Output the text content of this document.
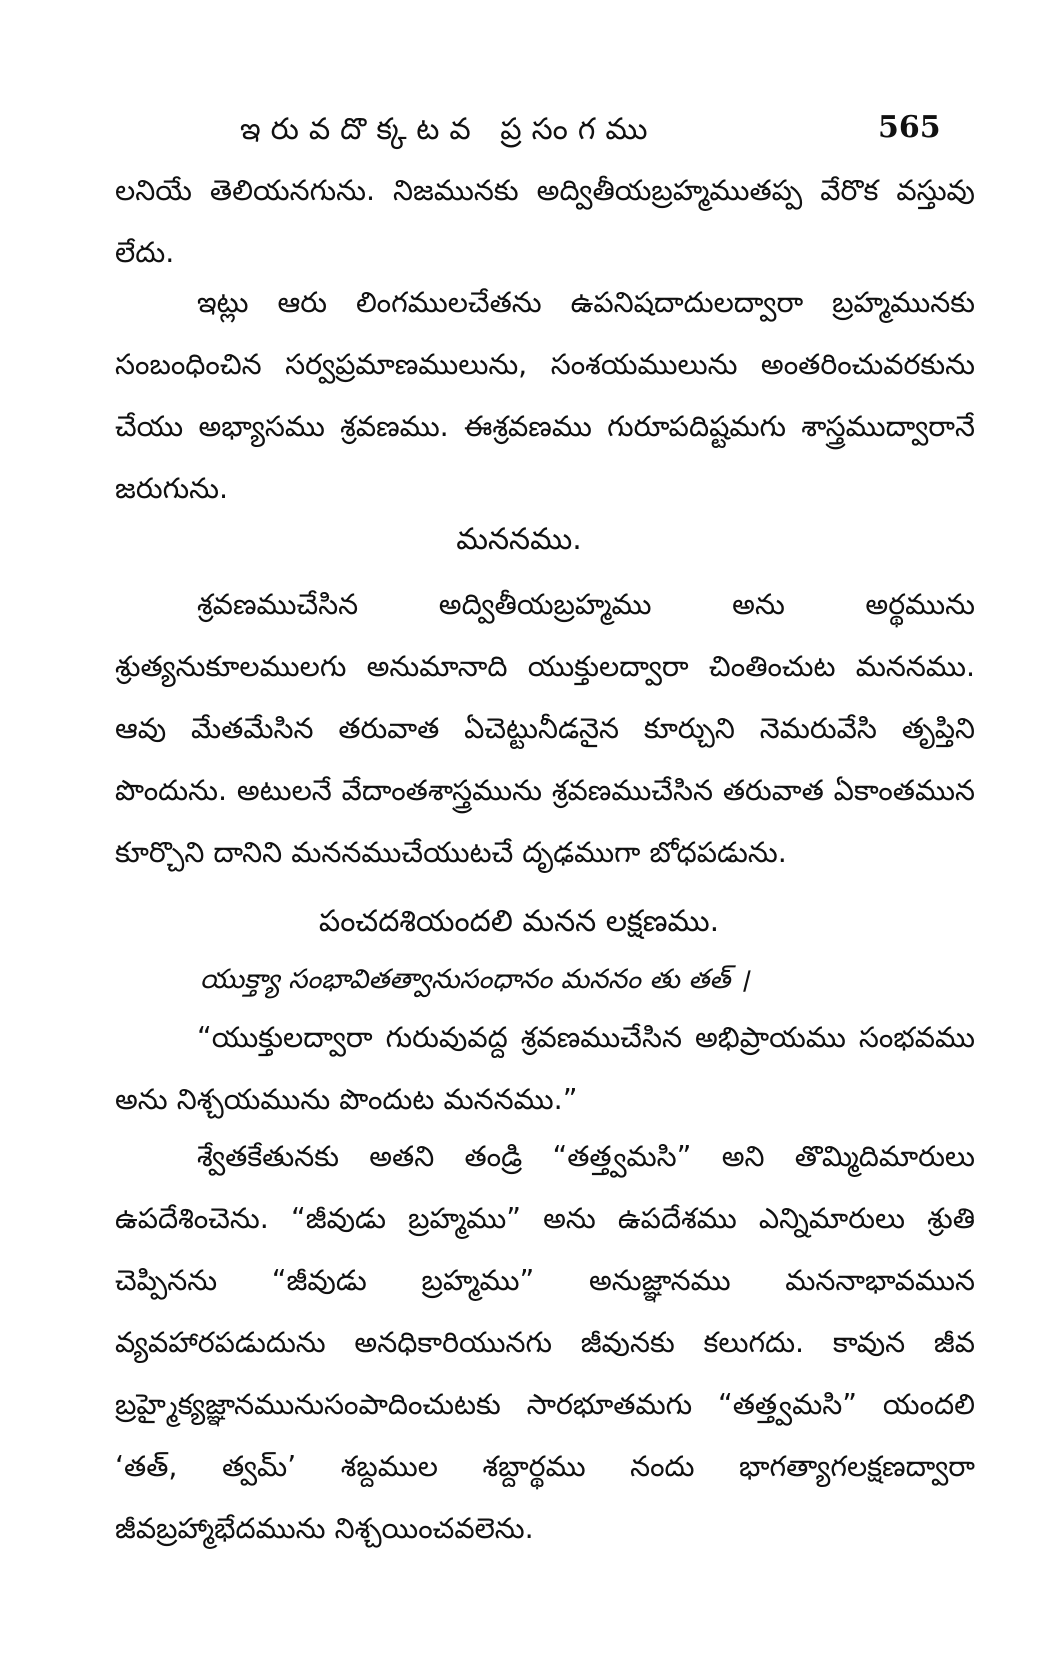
ఇరువదొక్కటవ ప్రసంగము	565

లనియే తెలియనగును. నిజమునకు అద్వితీయబ్రహ్మముతప్ప వేరొక వస్తువు లేదు.

ఇట్లు ఆరు లింగములచేతను ఉపనిషదాదులద్వారా బ్రహ్మమునకు సంబంధించిన సర్వప్రమాణములును, సంశయములును అంతరించువరకును చేయు అభ్యాసము శ్రవణము. ఈశ్రవణము గురూపదిష్టమగు శాస్త్రముద్వారానే జరుగును.

మననము.

శ్రవణముచేసిన అద్వితీయబ్రహ్మము అను అర్థమును శ్రుత్యనుకూలములగు అనుమానాది యుక్తులద్వారా చింతించుట మననము. ఆవు మేతమేసిన తరువాత ఏచెట్టునీడనైన కూర్చుని నెమరువేసి తృప్తిని పొందును. అటులనే వేదాంతశాస్త్రమును శ్రవణముచేసిన తరువాత ఏకాంతమున కూర్చొని దానిని మననముచేయుటచే దృఢముగా బోధపడును.

పంచదశియందలి మనన లక్షణము.

యుక్త్యా సంభావితత్వానుసంధానం మననం తు తత్ ।

“యుక్తులద్వారా గురువువద్ద శ్రవణముచేసిన అభిప్రాయము సంభవము అను నిశ్చయమును పొందుట మననము.”

శ్వేతకేతునకు అతని తండ్రి “తత్త్వమసి” అని తొమ్మిదిమారులు ఉపదేశించెను. “జీవుడు బ్రహ్మము” అను ఉపదేశము ఎన్నిమారులు శ్రుతి చెప్పినను “జీవుడు బ్రహ్మము” అనుజ్ఞానము మననాభావమున వ్యవహారపడుదును అనధికారియునగు జీవునకు కలుగదు. కావున జీవ బ్రహ్మైక్యజ్ఞానమునుసంపాదించుటకు సారభూతమగు “తత్త్వమసి” యందలి ‘తత్, త్వమ్’ శబ్దముల శబ్దార్థము నందు భాగత్యాగలక్షణద్వారా జీవబ్రహ్మాభేదమును నిశ్చయించవలెను.
